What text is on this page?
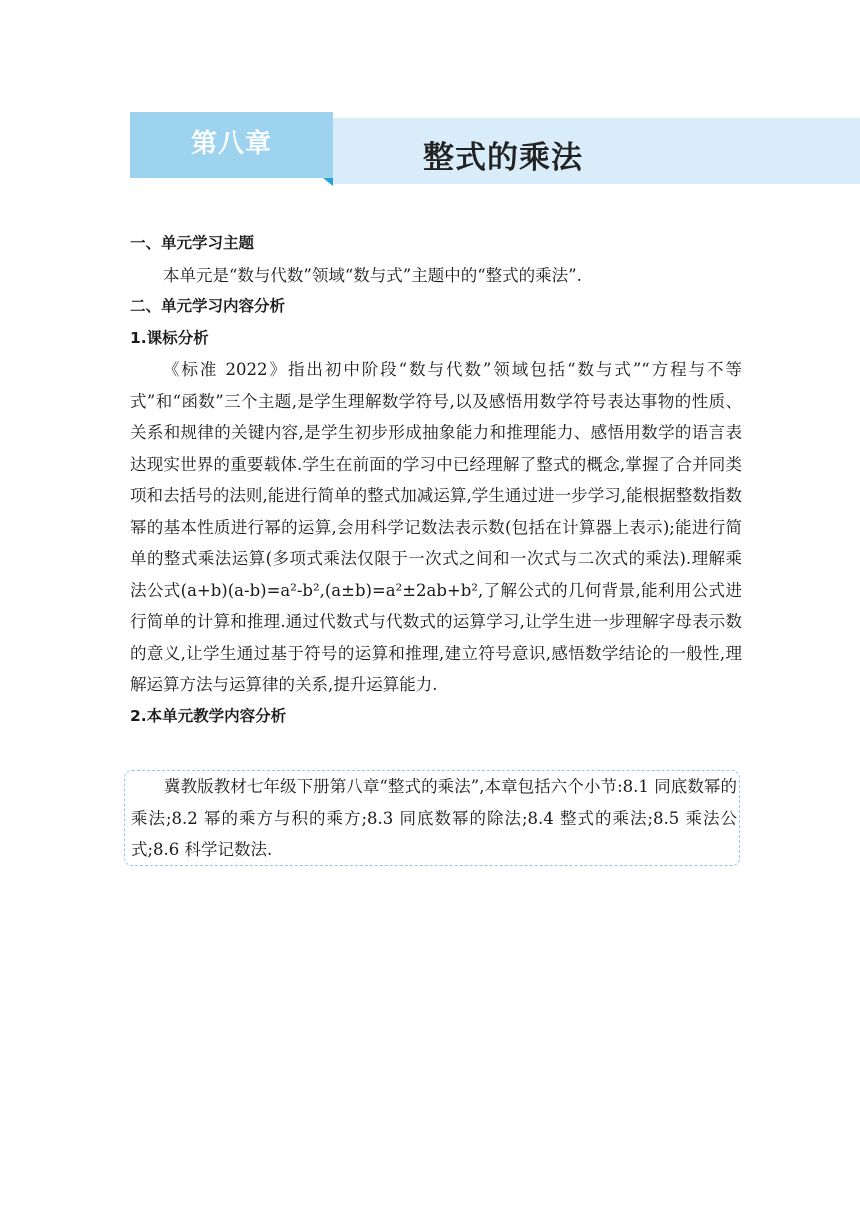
第八章	整式的乘法

一、单元学习主题

本单元是“数与代数”领域“数与式”主题中的“整式的乘法”.

二、单元学习内容分析

1.课标分析

《标准 2022》指出初中阶段“数与代数”领域包括“数与式”“方程与不等式”和“函数”三个主题,是学生理解数学符号,以及感悟用数学符号表达事物的性质、关系和规律的关键内容,是学生初步形成抽象能力和推理能力、感悟用数学的语言表达现实世界的重要载体.学生在前面的学习中已经理解了整式的概念,掌握了合并同类项和去括号的法则,能进行简单的整式加减运算,学生通过进一步学习,能根据整数指数幂的基本性质进行幂的运算,会用科学记数法表示数(包括在计算器上表示);能进行简单的整式乘法运算(多项式乘法仅限于一次式之间和一次式与二次式的乘法).理解乘法公式(a+b)(a-b)=a²-b²,(a±b)=a²±2ab+b²,了解公式的几何背景,能利用公式进行简单的计算和推理.通过代数式与代数式的运算学习,让学生进一步理解字母表示数的意义,让学生通过基于符号的运算和推理,建立符号意识,感悟数学结论的一般性,理解运算方法与运算律的关系,提升运算能力.

2.本单元教学内容分析

冀教版教材七年级下册第八章“整式的乘法”,本章包括六个小节:8.1 同底数幂的乘法;8.2 幂的乘方与积的乘方;8.3 同底数幂的除法;8.4 整式的乘法;8.5 乘法公式;8.6 科学记数法.
